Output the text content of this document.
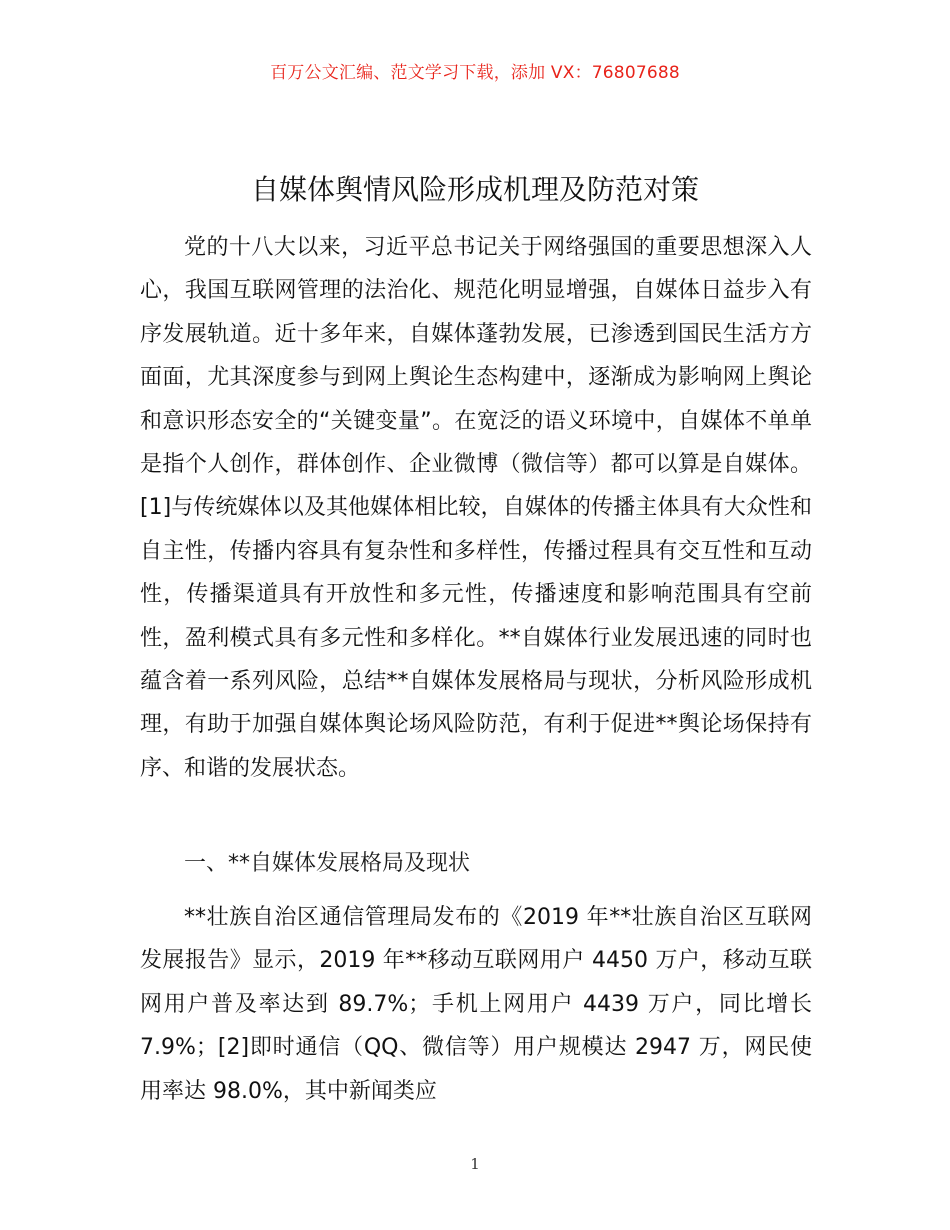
百万公文汇编、范文学习下载，添加 VX：76807688
自媒体舆情风险形成机理及防范对策

党的十八大以来，习近平总书记关于网络强国的重要思想深入人心，我国互联网管理的法治化、规范化明显增强，自媒体日益步入有序发展轨道。近十多年来，自媒体蓬勃发展，已渗透到国民生活方方面面，尤其深度参与到网上舆论生态构建中，逐渐成为影响网上舆论和意识形态安全的“关键变量”。在宽泛的语义环境中，自媒体不单单是指个人创作，群体创作、企业微博（微信等）都可以算是自媒体。[1]与传统媒体以及其他媒体相比较，自媒体的传播主体具有大众性和自主性，传播内容具有复杂性和多样性，传播过程具有交互性和互动性，传播渠道具有开放性和多元性，传播速度和影响范围具有空前性，盈利模式具有多元性和多样化。**自媒体行业发展迅速的同时也蕴含着一系列风险，总结**自媒体发展格局与现状，分析风险形成机理，有助于加强自媒体舆论场风险防范，有利于促进**舆论场保持有序、和谐的发展状态。

一、**自媒体发展格局及现状

**壮族自治区通信管理局发布的《2019 年**壮族自治区互联网发展报告》显示，2019 年**移动互联网用户 4450 万户，移动互联网用户普及率达到 89.7%；手机上网用户 4439 万户，同比增长 7.9%；[2]即时通信（QQ、微信等）用户规模达 2947 万，网民使用率达 98.0%，其中新闻类应

1
